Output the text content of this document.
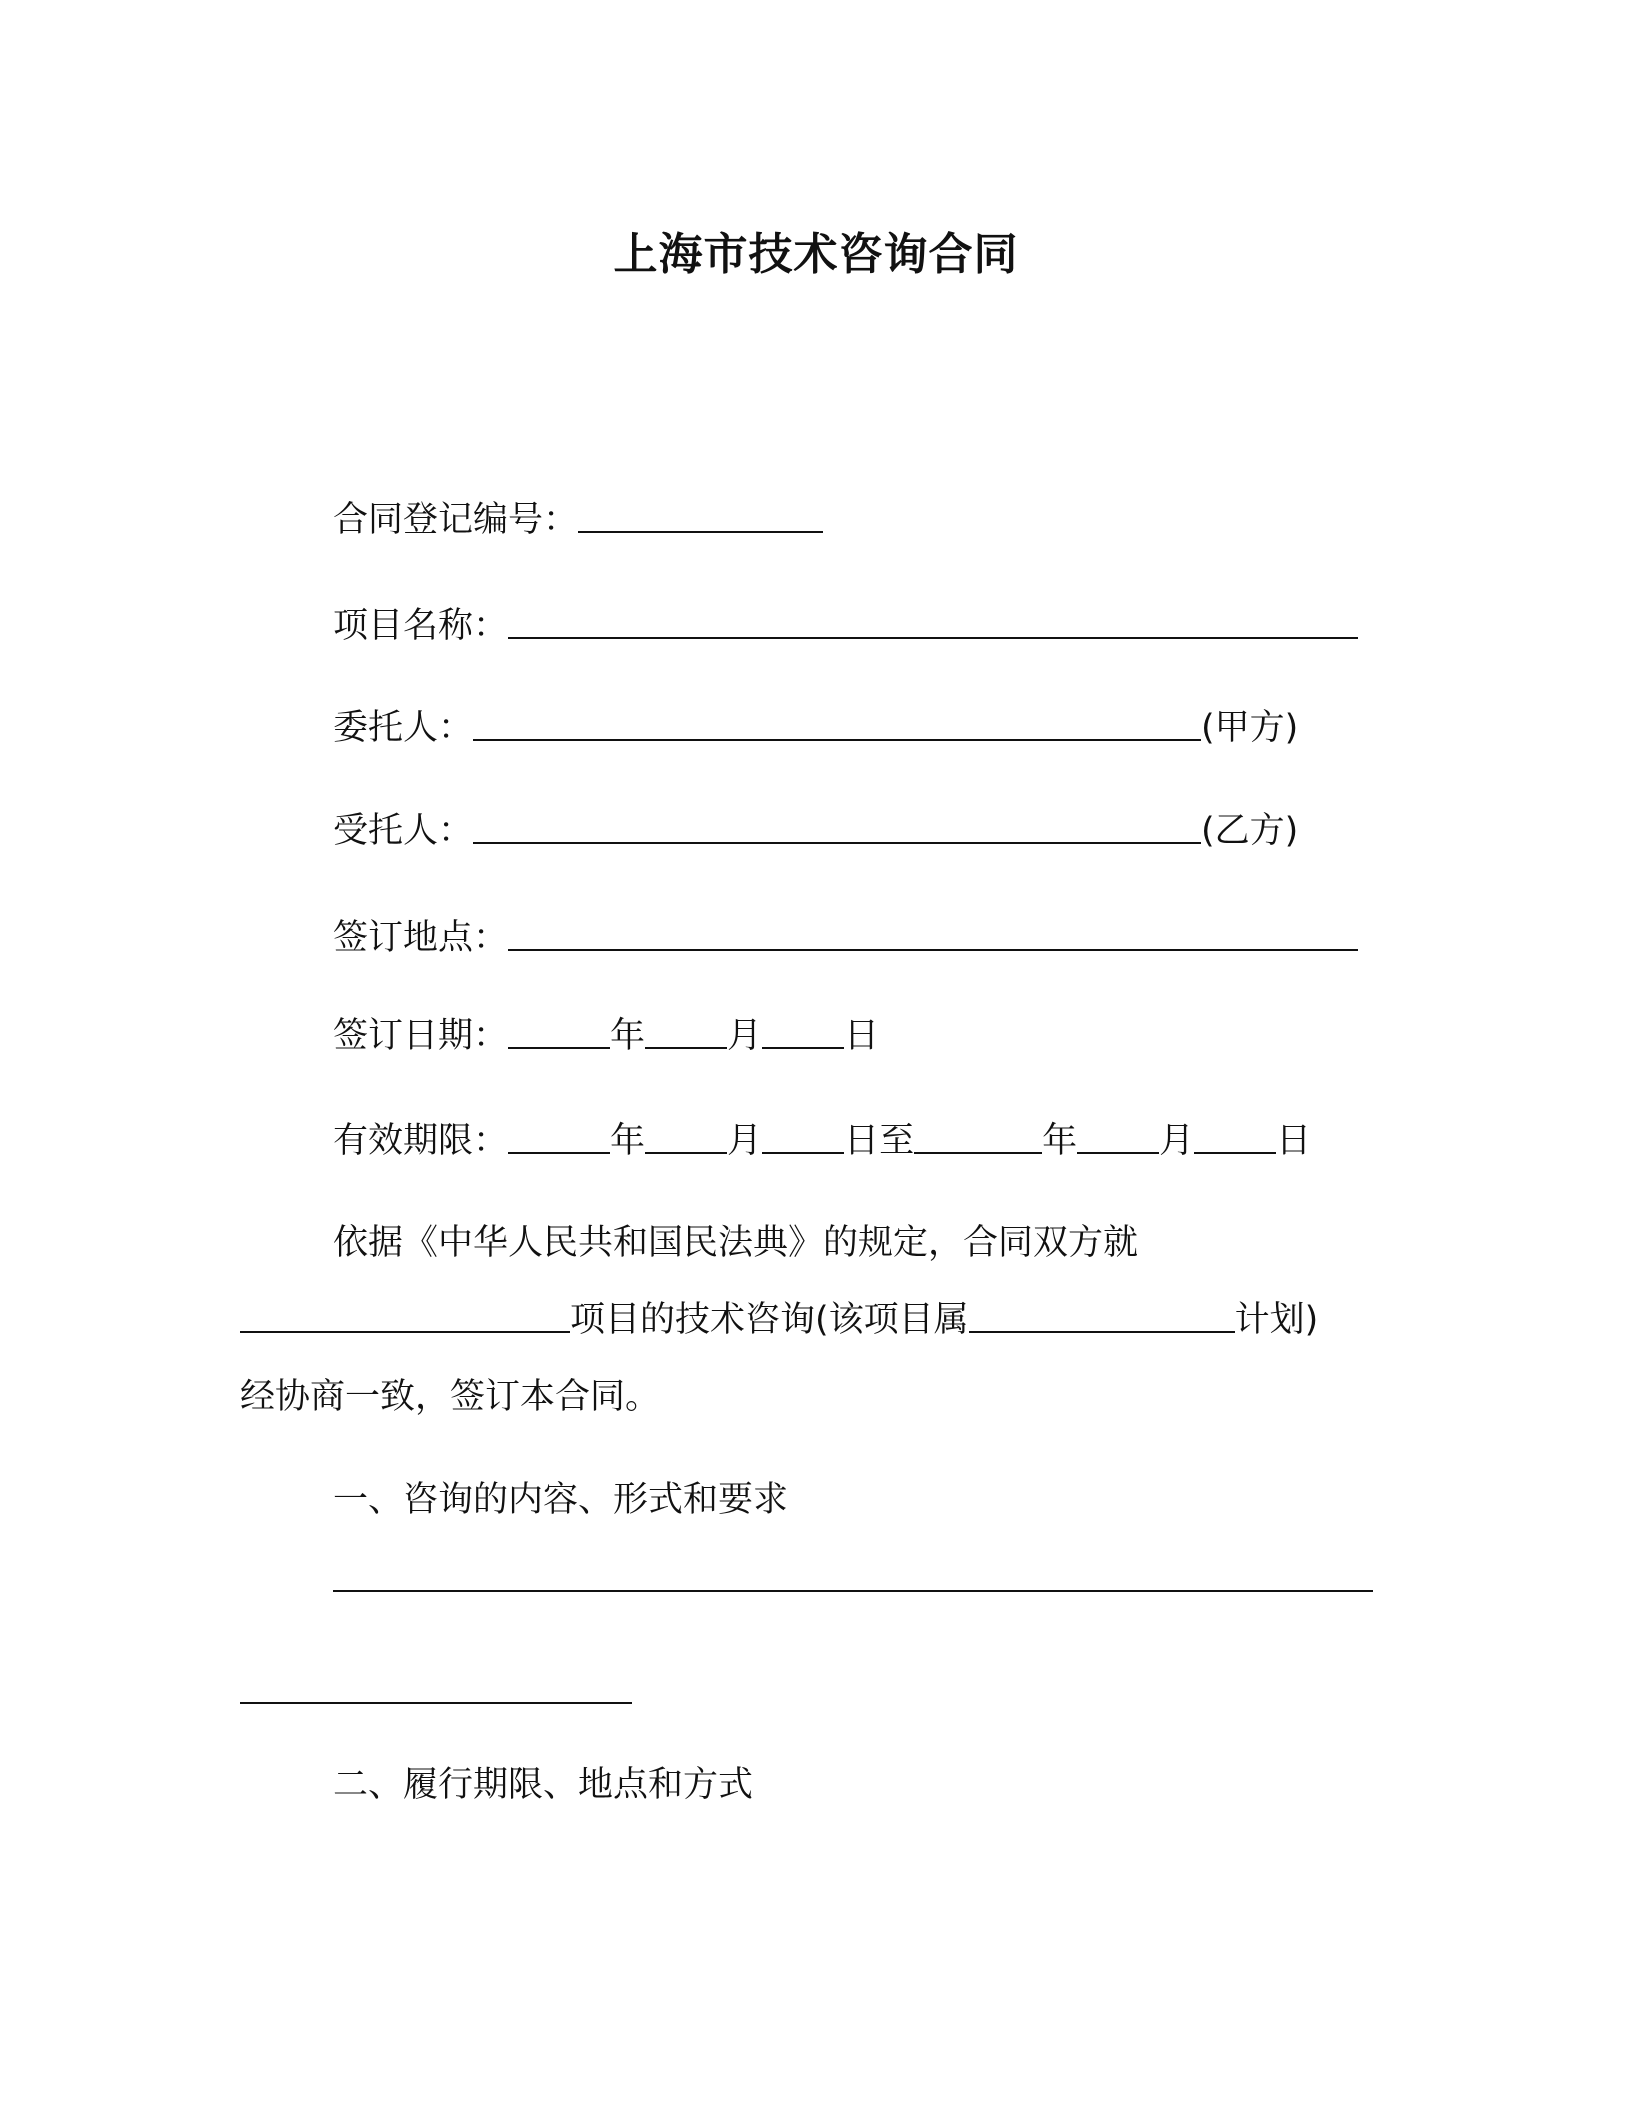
上海市技术咨询合同
合同登记编号：
项目名称：
委托人：	(甲方)
受托人：	(乙方)
签订地点：
签订日期：	年 月 日
有效期限：	年 月 日至	年 月 日
依据《中华人民共和国民法典》的规定，合同双方就
项目的技术咨询(该项目属	计划)
经协商一致，签订本合同。
一、咨询的内容、形式和要求
二、履行期限、地点和方式
